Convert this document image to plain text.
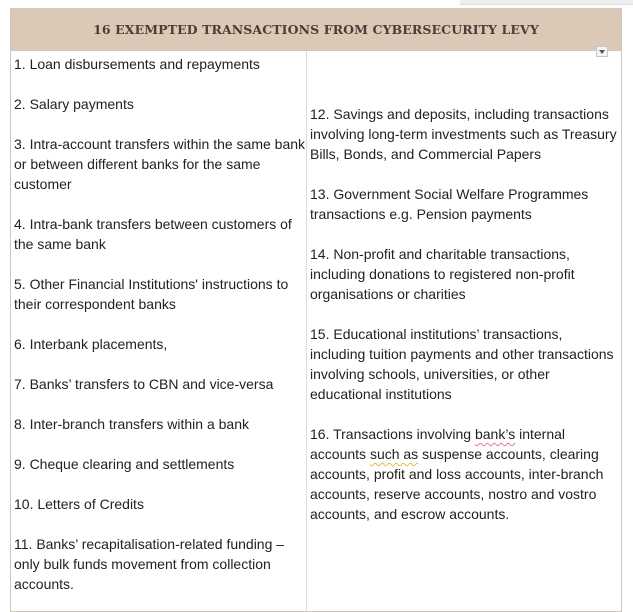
16 EXEMPTED TRANSACTIONS FROM CYBERSECURITY LEVY
1. Loan disbursements and repayments
2. Salary payments
3. Intra-account transfers within the same bank or between different banks for the same customer
4. Intra-bank transfers between customers of the same bank
5. Other Financial Institutions' instructions to their correspondent banks
6. Interbank placements,
7. Banks’ transfers to CBN and vice-versa
8. Inter-branch transfers within a bank
9. Cheque clearing and settlements
10. Letters of Credits
11. Banks’ recapitalisation-related funding – only bulk funds movement from collection accounts.
12. Savings and deposits, including transactions involving long-term investments such as Treasury Bills, Bonds, and Commercial Papers
13. Government Social Welfare Programmes transactions e.g. Pension payments
14. Non-profit and charitable transactions, including donations to registered non-profit organisations or charities
15. Educational institutions’ transactions, including tuition payments and other transactions involving schools, universities, or other educational institutions
16. Transactions involving bank’s internal accounts such as suspense accounts, clearing accounts, profit and loss accounts, inter-branch accounts, reserve accounts, nostro and vostro accounts, and escrow accounts.
